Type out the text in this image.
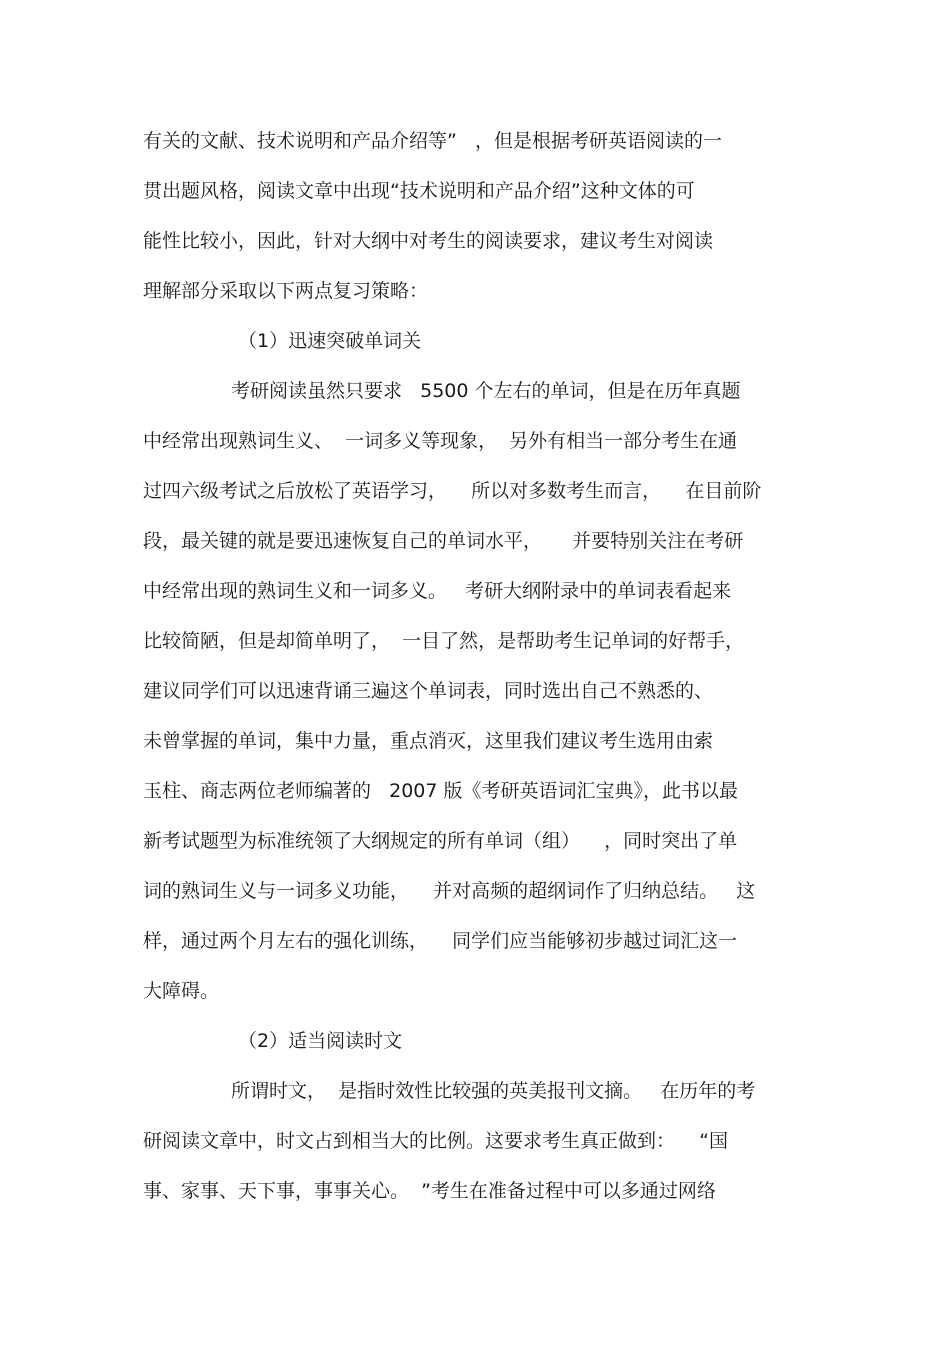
有关的文献、技术说明和产品介绍等”   ，但是根据考研英语阅读的一

贯出题风格，阅读文章中出现“技术说明和产品介绍”这种文体的可

能性比较小，因此，针对大纲中对考生的阅读要求，建议考生对阅读

理解部分采取以下两点复习策略：

（1）迅速突破单词关

考研阅读虽然只要求   5500 个左右的单词，但是在历年真题

中经常出现熟词生义、  一词多义等现象，  另外有相当一部分考生在通

过四六级考试之后放松了英语学习，    所以对多数考生而言，    在目前阶

段，最关键的就是要迅速恢复自己的单词水平，     并要特别关注在考研

中经常出现的熟词生义和一词多义。   考研大纲附录中的单词表看起来

比较简陋，但是却简单明了，  一目了然，是帮助考生记单词的好帮手，

建议同学们可以迅速背诵三遍这个单词表，同时选出自己不熟悉的、

未曾掌握的单词，集中力量，重点消灭，这里我们建议考生选用由索

玉柱、商志两位老师编著的   2007 版《考研英语词汇宝典》，此书以最

新考试题型为标准统领了大纲规定的所有单词（组）    ，同时突出了单

词的熟词生义与一词多义功能，    并对高频的超纲词作了归纳总结。   这

样，通过两个月左右的强化训练，    同学们应当能够初步越过词汇这一

大障碍。

（2）适当阅读时文

所谓时文，  是指时效性比较强的英美报刊文摘。   在历年的考

研阅读文章中，时文占到相当大的比例。这要求考生真正做到：    “国

事、家事、天下事，事事关心。  ”考生在准备过程中可以多通过网络
